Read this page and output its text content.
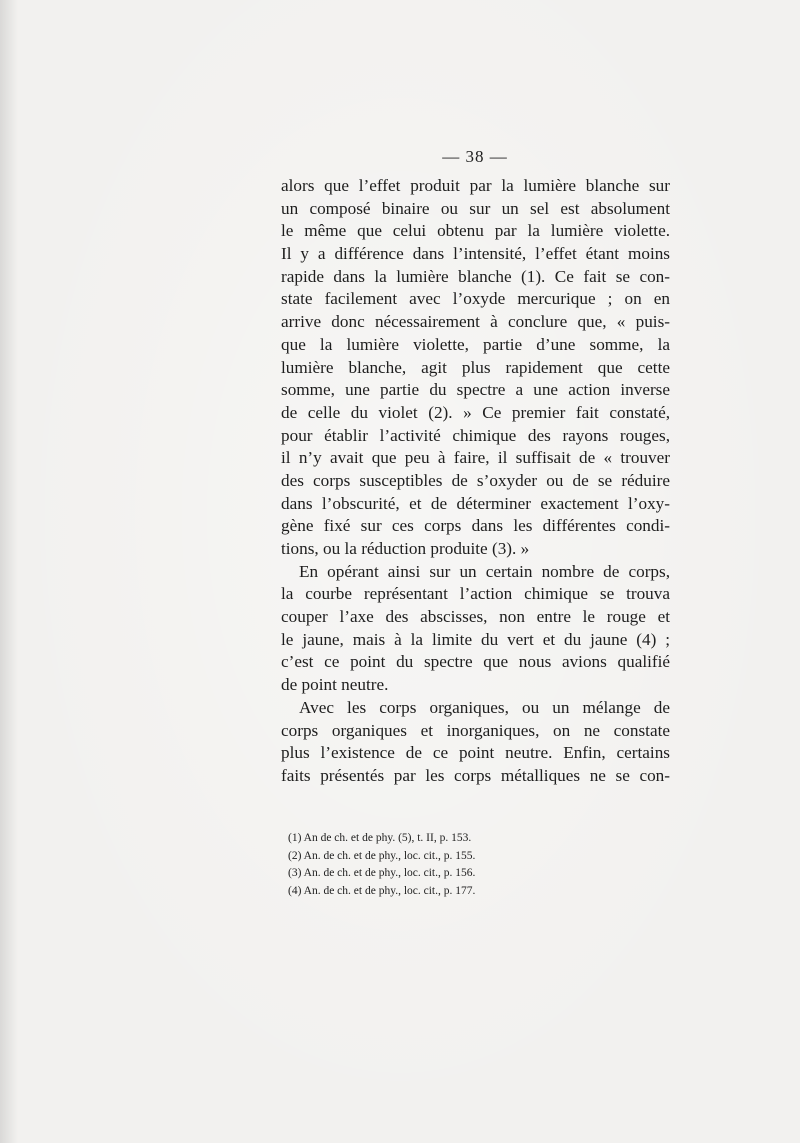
— 38 —
alors que l’effet produit par la lumière blanche sur
un composé binaire ou sur un sel est absolument
le même que celui obtenu par la lumière violette.
Il y a différence dans l’intensité, l’effet étant moins
rapide dans la lumière blanche (1). Ce fait se con-
state facilement avec l’oxyde mercurique ; on en
arrive donc nécessairement à conclure que, « puis-
que la lumière violette, partie d’une somme, la
lumière blanche, agit plus rapidement que cette
somme, une partie du spectre a une action inverse
de celle du violet (2). » Ce premier fait constaté,
pour établir l’activité chimique des rayons rouges,
il n’y avait que peu à faire, il suffisait de « trouver
des corps susceptibles de s’oxyder ou de se réduire
dans l’obscurité, et de déterminer exactement l’oxy-
gène fixé sur ces corps dans les différentes condi-
tions, ou la réduction produite (3). »
En opérant ainsi sur un certain nombre de corps,
la courbe représentant l’action chimique se trouva
couper l’axe des abscisses, non entre le rouge et
le jaune, mais à la limite du vert et du jaune (4) ;
c’est ce point du spectre que nous avions qualifié
de point neutre.
Avec les corps organiques, ou un mélange de
corps organiques et inorganiques, on ne constate
plus l’existence de ce point neutre. Enfin, certains
faits présentés par les corps métalliques ne se con-
(1) An de ch. et de phy. (5), t. II, p. 153.
(2) An. de ch. et de phy., loc. cit., p. 155.
(3) An. de ch. et de phy., loc. cit., p. 156.
(4) An. de ch. et de phy., loc. cit., p. 177.
